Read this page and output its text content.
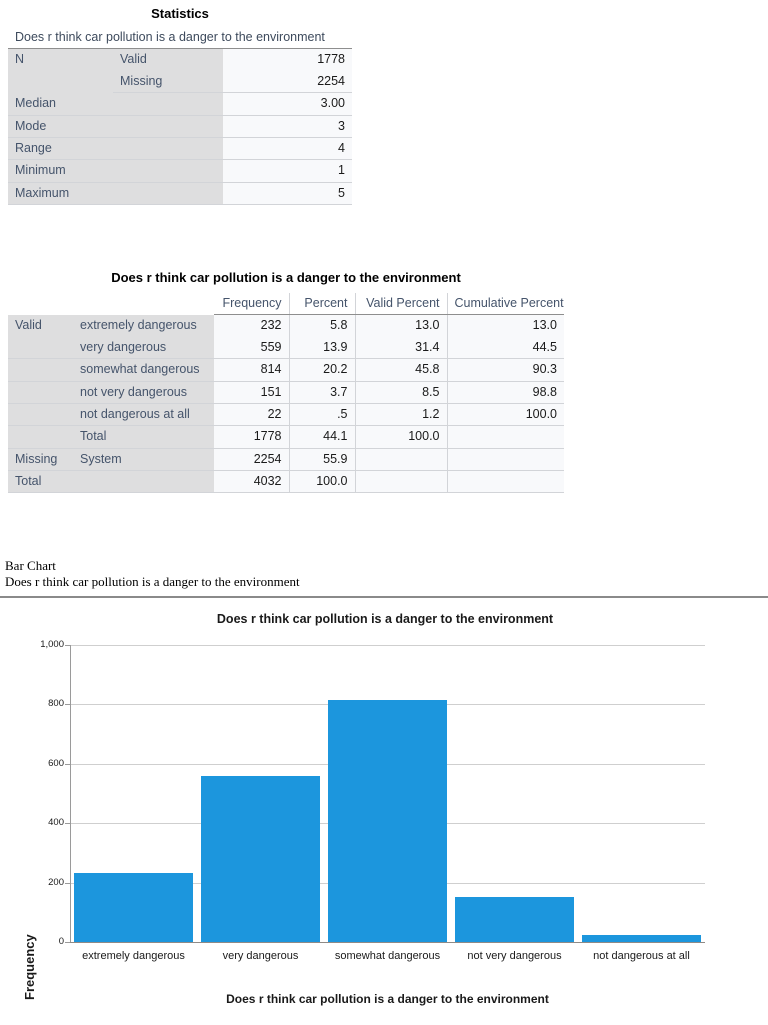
Statistics
Does r think car pollution is a danger to the environment		
N	Valid	1778
	Missing	2254
Median		3.00
Mode		3
Range		4
Minimum		1
Maximum		5
Does r think car pollution is a danger to the environment
		Frequency	Percent	Valid Percent	Cumulative Percent
Valid	extremely dangerous	232	5.8	13.0	13.0
	very dangerous	559	13.9	31.4	44.5
	somewhat dangerous	814	20.2	45.8	90.3
	not very dangerous	151	3.7	8.5	98.8
	not dangerous at all	22	.5	1.2	100.0
	Total	1778	44.1	100.0	
Missing	System	2254	55.9		
Total		4032	100.0		
Bar Chart
Does r think car pollution is a danger to the environment
Does r think car pollution is a danger to the environment
Frequency	0
200
400
600
800
1,000
extremely dangerous	very dangerous	somewhat dangerous	not very dangerous	not dangerous at all
Does r think car pollution is a danger to the environment
